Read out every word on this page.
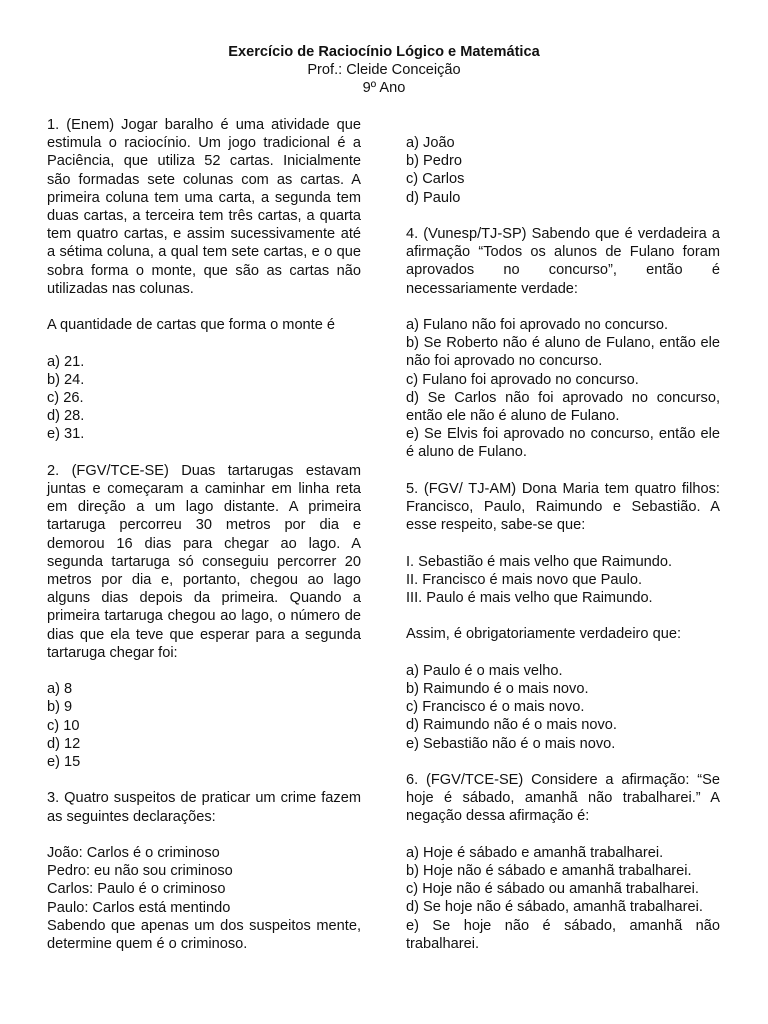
Exercício de Raciocínio Lógico e Matemática
Prof.: Cleide Conceição
9º Ano

1. (Enem) Jogar baralho é uma atividade que estimula o raciocínio. Um jogo tradicional é a Paciência, que utiliza 52 cartas. Inicialmente são formadas sete colunas com as cartas. A primeira coluna tem uma carta, a segunda tem duas cartas, a terceira tem três cartas, a quarta tem quatro cartas, e assim sucessivamente até a sétima coluna, a qual tem sete cartas, e o que sobra forma o monte, que são as cartas não utilizadas nas colunas.

A quantidade de cartas que forma o monte é

a) 21.

b) 24.

c) 26.

d) 28.

e) 31.

2. (FGV/TCE-SE) Duas tartarugas estavam juntas e começaram a caminhar em linha reta em direção a um lago distante. A primeira tartaruga percorreu 30 metros por dia e demorou 16 dias para chegar ao lago. A segunda tartaruga só conseguiu percorrer 20 metros por dia e, portanto, chegou ao lago alguns dias depois da primeira. Quando a primeira tartaruga chegou ao lago, o número de dias que ela teve que esperar para a segunda tartaruga chegar foi:

a) 8

b) 9

c) 10

d) 12

e) 15

3. Quatro suspeitos de praticar um crime fazem as seguintes declarações:

João: Carlos é o criminoso

Pedro: eu não sou criminoso

Carlos: Paulo é o criminoso

Paulo: Carlos está mentindo

Sabendo que apenas um dos suspeitos mente, determine quem é o criminoso.

a) João

b) Pedro

c) Carlos

d) Paulo

4. (Vunesp/TJ-SP) Sabendo que é verdadeira a afirmação “Todos os alunos de Fulano foram aprovados no concurso”, então é necessariamente verdade:

a) Fulano não foi aprovado no concurso.

b) Se Roberto não é aluno de Fulano, então ele não foi aprovado no concurso.

c) Fulano foi aprovado no concurso.

d) Se Carlos não foi aprovado no concurso, então ele não é aluno de Fulano.

e) Se Elvis foi aprovado no concurso, então ele é aluno de Fulano.

5. (FGV/ TJ-AM) Dona Maria tem quatro filhos: Francisco, Paulo, Raimundo e Sebastião. A esse respeito, sabe-se que:

I. Sebastião é mais velho que Raimundo.

II. Francisco é mais novo que Paulo.

III. Paulo é mais velho que Raimundo.

Assim, é obrigatoriamente verdadeiro que:

a) Paulo é o mais velho.

b) Raimundo é o mais novo.

c) Francisco é o mais novo.

d) Raimundo não é o mais novo.

e) Sebastião não é o mais novo.

6. (FGV/TCE-SE) Considere a afirmação: “Se hoje é sábado, amanhã não trabalharei.” A negação dessa afirmação é:

a) Hoje é sábado e amanhã trabalharei.

b) Hoje não é sábado e amanhã trabalharei.

c) Hoje não é sábado ou amanhã trabalharei.

d) Se hoje não é sábado, amanhã trabalharei.

e) Se hoje não é sábado, amanhã não trabalharei.
